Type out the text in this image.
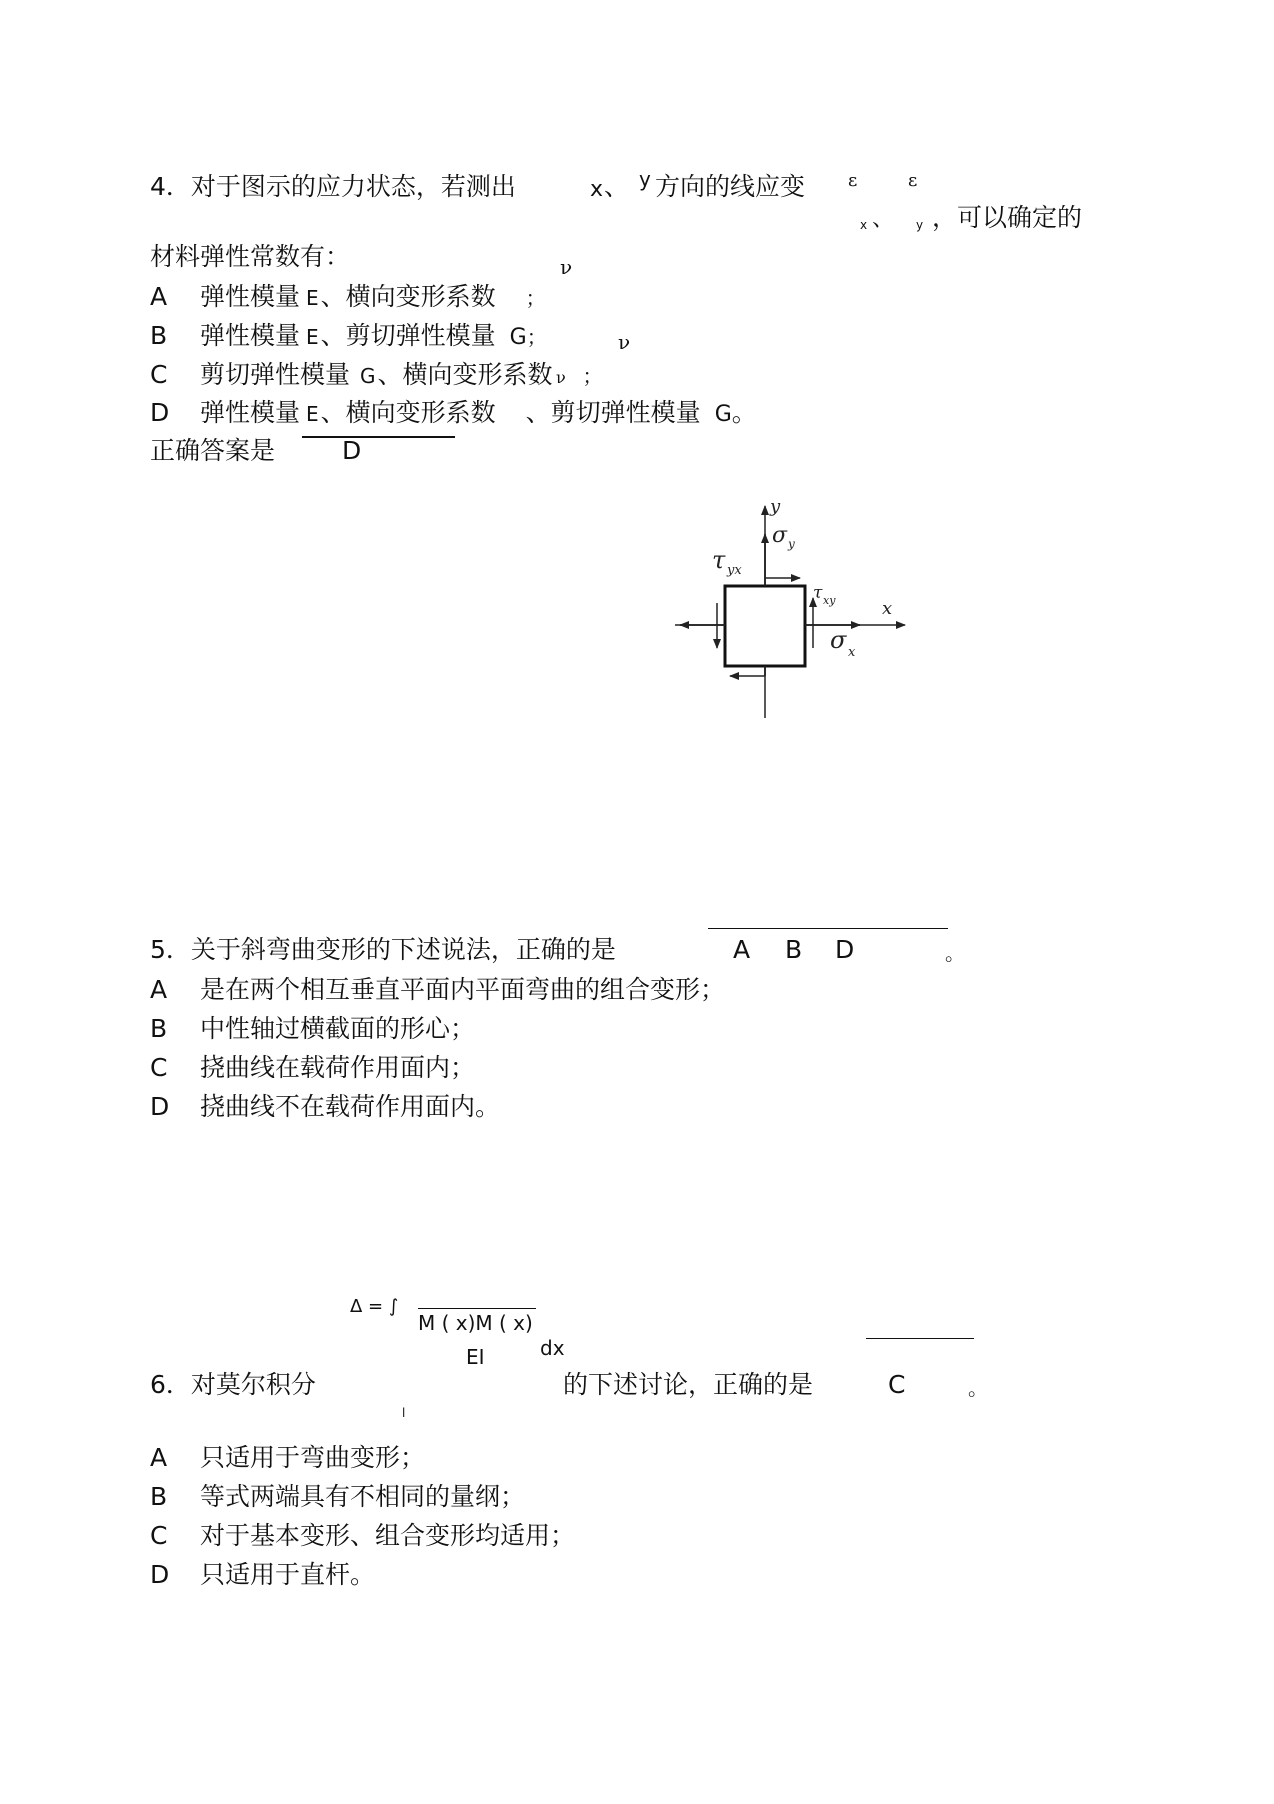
4．对于图示的应力状态，若测出	x 、 y 方向的线应变 ε	ε
x 、 y ，可以确定的
材料弹性常数有：	ν
A 弹性模量 E、横向变形系数 ；
B 弹性模量 E、剪切弹性模量 G；	ν
C 剪切弹性模量 G、横向变形系数 ；
ν
D 弹性模量 E、横向变形系数 、剪切弹性模量 G。
正确答案是	D
y
σ y
τ yx
τ xy	x
σ x
5．关于斜弯曲变形的下述说法，正确的是	A B D	。
A 是在两个相互垂直平面内平面弯曲的组合变形；
B 中性轴过横截面的形心；
C 挠曲线在载荷作用面内；
D 挠曲线不在载荷作用面内。
Δ = ∫
M ( x)M ( x)
dx
EI
6．对莫尔积分	的下述讨论，正确的是	C	。
l
A 只适用于弯曲变形；
B 等式两端具有不相同的量纲；
C 对于基本变形、组合变形均适用；
D 只适用于直杆。
